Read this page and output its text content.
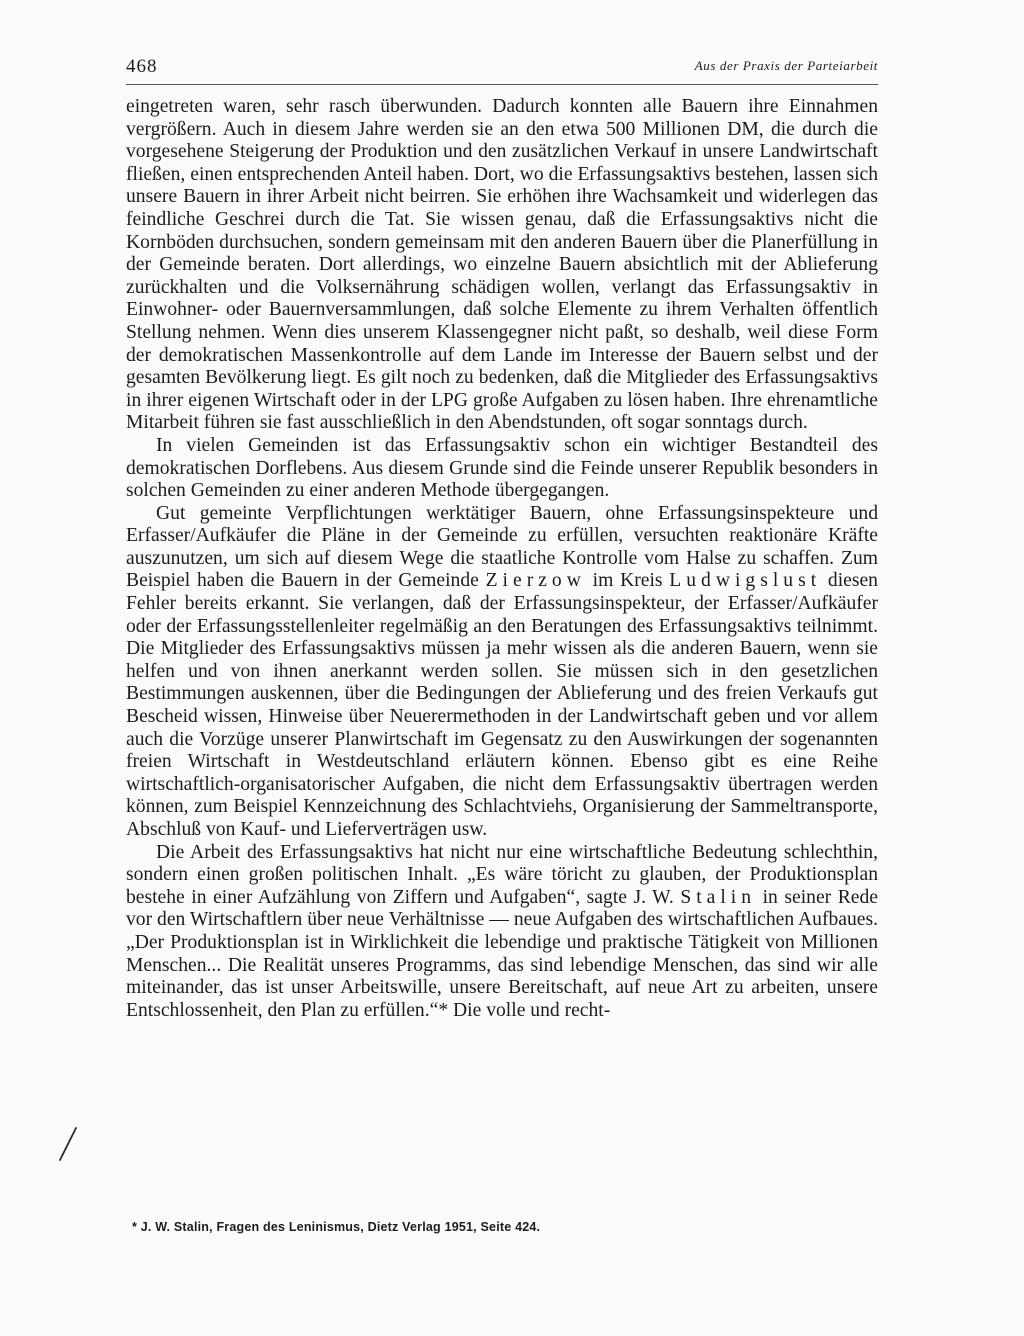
468	Aus der Praxis der Parteiarbeit

eingetreten waren, sehr rasch überwunden. Dadurch konnten alle Bauern ihre Einnahmen vergrößern. Auch in diesem Jahre werden sie an den etwa 500 Millionen DM, die durch die vorgesehene Steigerung der Produktion und den zusätzlichen Verkauf in unsere Landwirtschaft fließen, einen entsprechenden Anteil haben. Dort, wo die Erfassungsaktivs bestehen, lassen sich unsere Bauern in ihrer Arbeit nicht beirren. Sie erhöhen ihre Wachsamkeit und widerlegen das feindliche Geschrei durch die Tat. Sie wissen genau, daß die Erfassungsaktivs nicht die Kornböden durchsuchen, sondern gemeinsam mit den anderen Bauern über die Planerfüllung in der Gemeinde beraten. Dort allerdings, wo einzelne Bauern absichtlich mit der Ablieferung zurückhalten und die Volksernährung schädigen wollen, verlangt das Erfassungsaktiv in Einwohner- oder Bauernversammlungen, daß solche Elemente zu ihrem Verhalten öffentlich Stellung nehmen. Wenn dies unserem Klassengegner nicht paßt, so deshalb, weil diese Form der demokratischen Massenkontrolle auf dem Lande im Interesse der Bauern selbst und der gesamten Bevölkerung liegt. Es gilt noch zu bedenken, daß die Mitglieder des Erfassungsaktivs in ihrer eigenen Wirtschaft oder in der LPG große Aufgaben zu lösen haben. Ihre ehrenamtliche Mitarbeit führen sie fast ausschließlich in den Abendstunden, oft sogar sonntags durch.

In vielen Gemeinden ist das Erfassungsaktiv schon ein wichtiger Bestandteil des demokratischen Dorflebens. Aus diesem Grunde sind die Feinde unserer Republik besonders in solchen Gemeinden zu einer anderen Methode übergegangen.

Gut gemeinte Verpflichtungen werktätiger Bauern, ohne Erfassungsinspekteure und Erfasser/Aufkäufer die Pläne in der Gemeinde zu erfüllen, versuchten reaktionäre Kräfte auszunutzen, um sich auf diesem Wege die staatliche Kontrolle vom Halse zu schaffen. Zum Beispiel haben die Bauern in der Gemeinde Zierzow im Kreis Ludwigslust diesen Fehler bereits erkannt. Sie verlangen, daß der Erfassungsinspekteur, der Erfasser/Aufkäufer oder der Erfassungsstellenleiter regelmäßig an den Beratungen des Erfassungsaktivs teilnimmt. Die Mitglieder des Erfassungsaktivs müssen ja mehr wissen als die anderen Bauern, wenn sie helfen und von ihnen anerkannt werden sollen. Sie müssen sich in den gesetzlichen Bestimmungen auskennen, über die Bedingungen der Ablieferung und des freien Verkaufs gut Bescheid wissen, Hinweise über Neuerermethoden in der Landwirtschaft geben und vor allem auch die Vorzüge unserer Planwirtschaft im Gegensatz zu den Auswirkungen der sogenannten freien Wirtschaft in Westdeutschland erläutern können. Ebenso gibt es eine Reihe wirtschaftlich-organisatorischer Aufgaben, die nicht dem Erfassungsaktiv übertragen werden können, zum Beispiel Kennzeichnung des Schlachtviehs, Organisierung der Sammeltransporte, Abschluß von Kauf- und Lieferverträgen usw.

Die Arbeit des Erfassungsaktivs hat nicht nur eine wirtschaftliche Bedeutung schlechthin, sondern einen großen politischen Inhalt. „Es wäre töricht zu glauben, der Produktionsplan bestehe in einer Aufzählung von Ziffern und Aufgaben“, sagte J. W. Stalin in seiner Rede vor den Wirtschaftlern über neue Verhältnisse — neue Aufgaben des wirtschaftlichen Aufbaues. „Der Produktionsplan ist in Wirklichkeit die lebendige und praktische Tätigkeit von Millionen Menschen... Die Realität unseres Programms, das sind lebendige Menschen, das sind wir alle miteinander, das ist unser Arbeitswille, unsere Bereitschaft, auf neue Art zu arbeiten, unsere Entschlossenheit, den Plan zu erfüllen.“* Die volle und recht-

* J. W. Stalin, Fragen des Leninismus, Dietz Verlag 1951, Seite 424.
